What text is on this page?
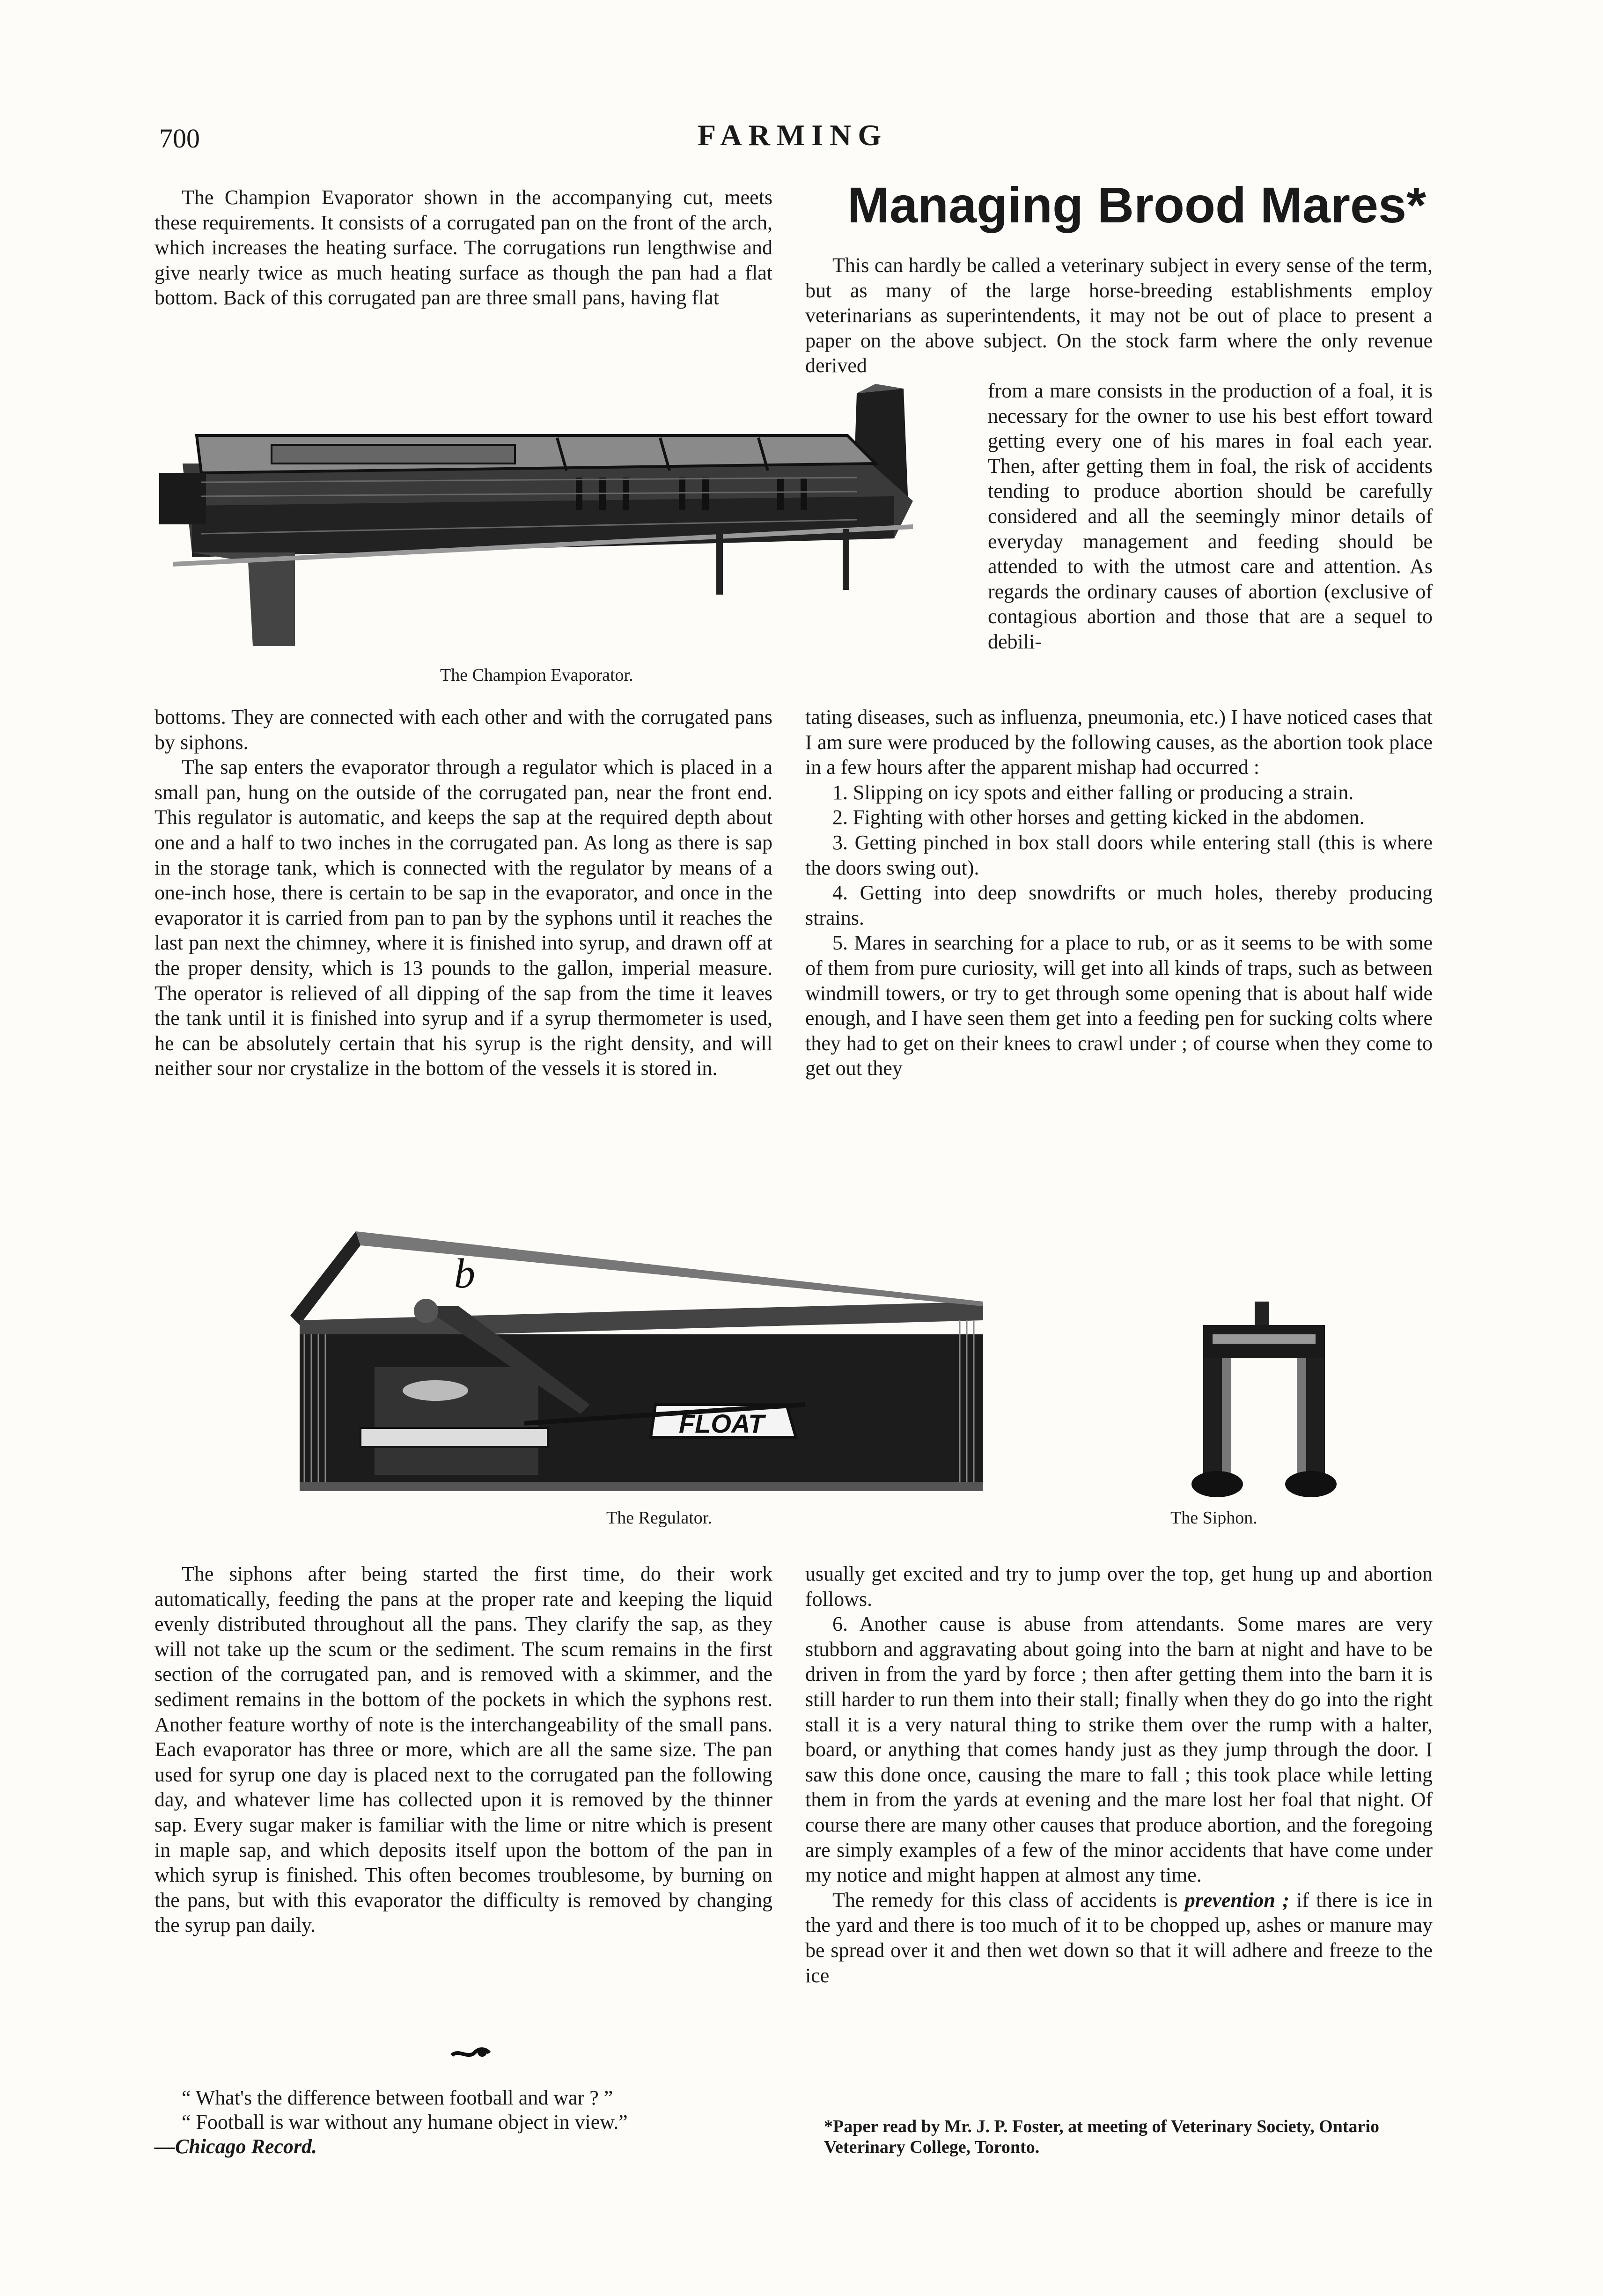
700	FARMING

The Champion Evaporator shown in the accompanying cut, meets these requirements. It consists of a corrugated pan on the front of the arch, which increases the heating surface. The corrugations run lengthwise and give nearly twice as much heating surface as though the pan had a flat bottom. Back of this corrugated pan are three small pans, having flat

The Champion Evaporator.

bottoms. They are connected with each other and with the corrugated pans by siphons.

The sap enters the evaporator through a regulator which is placed in a small pan, hung on the outside of the corrugated pan, near the front end. This regulator is automatic, and keeps the sap at the required depth about one and a half to two inches in the corrugated pan. As long as there is sap in the storage tank, which is connected with the regulator by means of a one-inch hose, there is certain to be sap in the evaporator, and once in the evaporator it is carried from pan to pan by the syphons until it reaches the last pan next the chimney, where it is finished into syrup, and drawn off at the proper density, which is 13 pounds to the gallon, imperial measure. The operator is relieved of all dipping of the sap from the time it leaves the tank until it is finished into syrup and if a syrup thermometer is used, he can be absolutely certain that his syrup is the right density, and will neither sour nor crystalize in the bottom of the vessels it is stored in.

Managing Brood Mares*

This can hardly be called a veterinary subject in every sense of the term, but as many of the large horse-breeding establishments employ veterinarians as superintendents, it may not be out of place to present a paper on the above subject. On the stock farm where the only revenue derived

from a mare consists in the production of a foal, it is necessary for the owner to use his best effort toward getting every one of his mares in foal each year. Then, after getting them in foal, the risk of accidents tending to produce abortion should be carefully considered and all the seemingly minor details of everyday management and feeding should be attended to with the utmost care and attention. As regards the ordinary causes of abortion (exclusive of contagious abortion and those that are a sequel to debili-

tating diseases, such as influenza, pneumonia, etc.) I have noticed cases that I am sure were produced by the following causes, as the abortion took place in a few hours after the apparent mishap had occurred :

1. Slipping on icy spots and either falling or producing a strain.

2. Fighting with other horses and getting kicked in the abdomen.

3. Getting pinched in box stall doors while entering stall (this is where the doors swing out).

4. Getting into deep snowdrifts or much holes, thereby producing strains.

5. Mares in searching for a place to rub, or as it seems to be with some of them from pure curiosity, will get into all kinds of traps, such as between windmill towers, or try to get through some opening that is about half wide enough, and I have seen them get into a feeding pen for sucking colts where they had to get on their knees to crawl under ; of course when they come to get out they

FLOAT
b
The Regulator.	The Siphon.

The siphons after being started the first time, do their work automatically, feeding the pans at the proper rate and keeping the liquid evenly distributed throughout all the pans. They clarify the sap, as they will not take up the scum or the sediment. The scum remains in the first section of the corrugated pan, and is removed with a skimmer, and the sediment remains in the bottom of the pockets in which the syphons rest. Another feature worthy of note is the interchangeability of the small pans. Each evaporator has three or more, which are all the same size. The pan used for syrup one day is placed next to the corrugated pan the following day, and whatever lime has collected upon it is removed by the thinner sap. Every sugar maker is familiar with the lime or nitre which is present in maple sap, and which deposits itself upon the bottom of the pan in which syrup is finished. This often becomes troublesome, by burning on the pans, but with this evaporator the difficulty is removed by changing the syrup pan daily.

“ What's the difference between football and war ? ”
“ Football is war without any humane object in view.”
—Chicago Record.

usually get excited and try to jump over the top, get hung up and abortion follows.

6. Another cause is abuse from attendants. Some mares are very stubborn and aggravating about going into the barn at night and have to be driven in from the yard by force ; then after getting them into the barn it is still harder to run them into their stall; finally when they do go into the right stall it is a very natural thing to strike them over the rump with a halter, board, or anything that comes handy just as they jump through the door. I saw this done once, causing the mare to fall ; this took place while letting them in from the yards at evening and the mare lost her foal that night. Of course there are many other causes that produce abortion, and the foregoing are simply examples of a few of the minor accidents that have come under my notice and might happen at almost any time.

The remedy for this class of accidents is prevention ; if there is ice in the yard and there is too much of it to be chopped up, ashes or manure may be spread over it and then wet down so that it will adhere and freeze to the ice

*Paper read by Mr. J. P. Foster, at meeting of Veterinary Society, Ontario Veterinary College, Toronto.
